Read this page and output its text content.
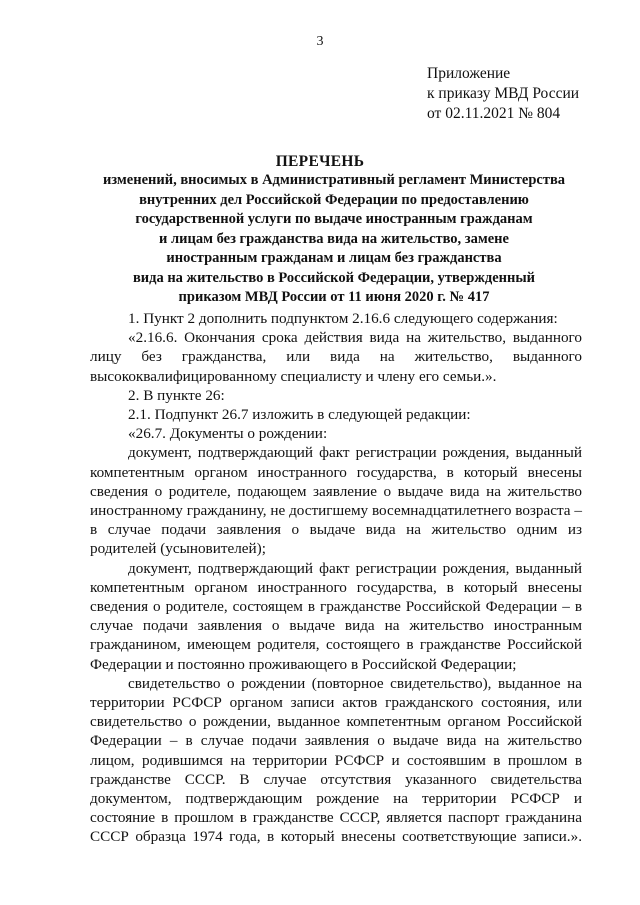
3
Приложение
к приказу МВД России
от 02.11.2021 № 804
ПЕРЕЧЕНЬ
изменений, вносимых в Административный регламент Министерства
внутренних дел Российской Федерации по предоставлению
государственной услуги по выдаче иностранным гражданам
и лицам без гражданства вида на жительство, замене
иностранным гражданам и лицам без гражданства
вида на жительство в Российской Федерации, утвержденный
приказом МВД России от 11 июня 2020 г. № 417

1. Пункт 2 дополнить подпунктом 2.16.6 следующего содержания:

«2.16.6. Окончания срока действия вида на жительство, выданного лицу без гражданства, или вида на жительство, выданного высококвалифицированному специалисту и члену его семьи.».

2. В пункте 26:

2.1. Подпункт 26.7 изложить в следующей редакции:

«26.7. Документы о рождении:

документ, подтверждающий факт регистрации рождения, выданный компетентным органом иностранного государства, в который внесены сведения о родителе, подающем заявление о выдаче вида на жительство иностранному гражданину, не достигшему восемнадцатилетнего возраста – в случае подачи заявления о выдаче вида на жительство одним из родителей (усыновителей);

документ, подтверждающий факт регистрации рождения, выданный компетентным органом иностранного государства, в который внесены сведения о родителе, состоящем в гражданстве Российской Федерации – в случае подачи заявления о выдаче вида на жительство иностранным гражданином, имеющем родителя, состоящего в гражданстве Российской Федерации и постоянно проживающего в Российской Федерации;

свидетельство о рождении (повторное свидетельство), выданное на территории РСФСР органом записи актов гражданского состояния, или свидетельство о рождении, выданное компетентным органом Российской Федерации – в случае подачи заявления о выдаче вида на жительство лицом, родившимся на территории РСФСР и состоявшим в прошлом в гражданстве СССР. В случае отсутствия указанного свидетельства документом, подтверждающим рождение на территории РСФСР и состояние в прошлом в гражданстве СССР, является паспорт гражданина СССР образца 1974 года, в который внесены соответствующие записи.».
